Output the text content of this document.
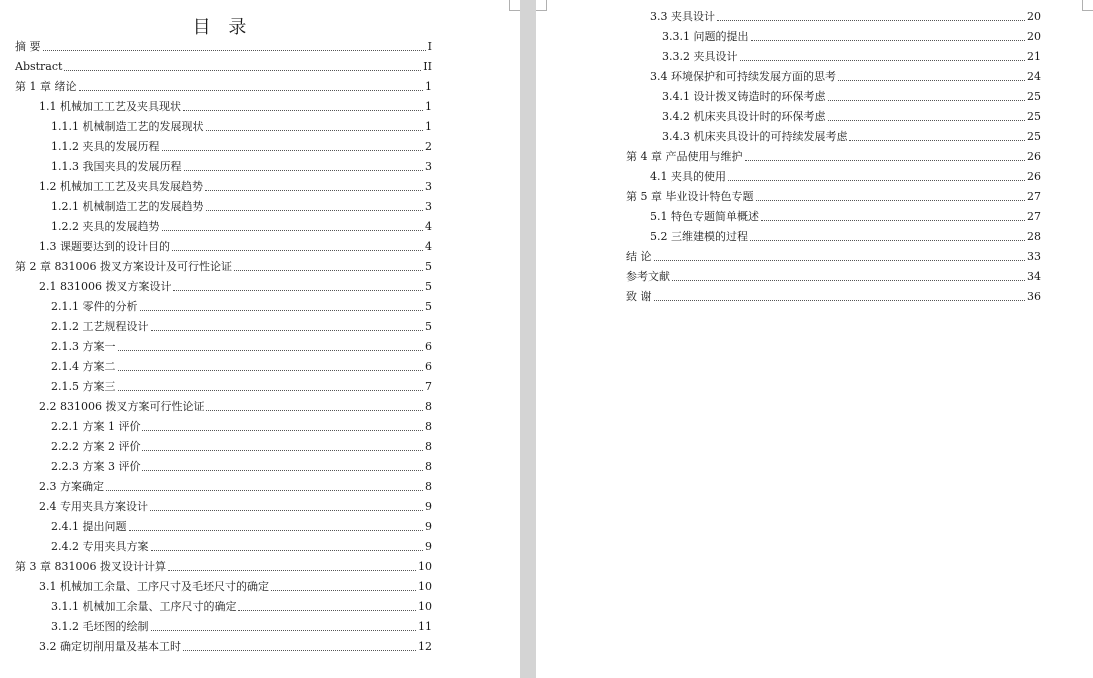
目 录
摘 要	I
Abstract	II
第 1 章 绪论	1
1.1 机械加工工艺及夹具现状	1
1.1.1 机械制造工艺的发展现状	1
1.1.2 夹具的发展历程	2
1.1.3 我国夹具的发展历程	3
1.2 机械加工工艺及夹具发展趋势	3
1.2.1 机械制造工艺的发展趋势	3
1.2.2 夹具的发展趋势	4
1.3 课题要达到的设计目的	4
第 2 章 831006 拨叉方案设计及可行性论证	5
2.1 831006 拨叉方案设计	5
2.1.1 零件的分析	5
2.1.2 工艺规程设计	5
2.1.3 方案一	6
2.1.4 方案二	6
2.1.5 方案三	7
2.2 831006 拨叉方案可行性论证	8
2.2.1 方案 1 评价	8
2.2.2 方案 2 评价	8
2.2.3 方案 3 评价	8
2.3 方案确定	8
2.4 专用夹具方案设计	9
2.4.1 提出问题	9
2.4.2 专用夹具方案	9
第 3 章 831006 拨叉设计计算	10
3.1 机械加工余量、工序尺寸及毛坯尺寸的确定	10
3.1.1 机械加工余量、工序尺寸的确定	10
3.1.2 毛坯图的绘制	11
3.2 确定切削用量及基本工时	12
3.3 夹具设计	20
3.3.1 问题的提出	20
3.3.2 夹具设计	21
3.4 环境保护和可持续发展方面的思考	24
3.4.1 设计拨叉铸造时的环保考虑	25
3.4.2 机床夹具设计时的环保考虑	25
3.4.3 机床夹具设计的可持续发展考虑	25
第 4 章 产品使用与维护	26
4.1 夹具的使用	26
第 5 章 毕业设计特色专题	27
5.1 特色专题简单概述	27
5.2 三维建模的过程	28
结 论	33
参考文献	34
致 谢	36
